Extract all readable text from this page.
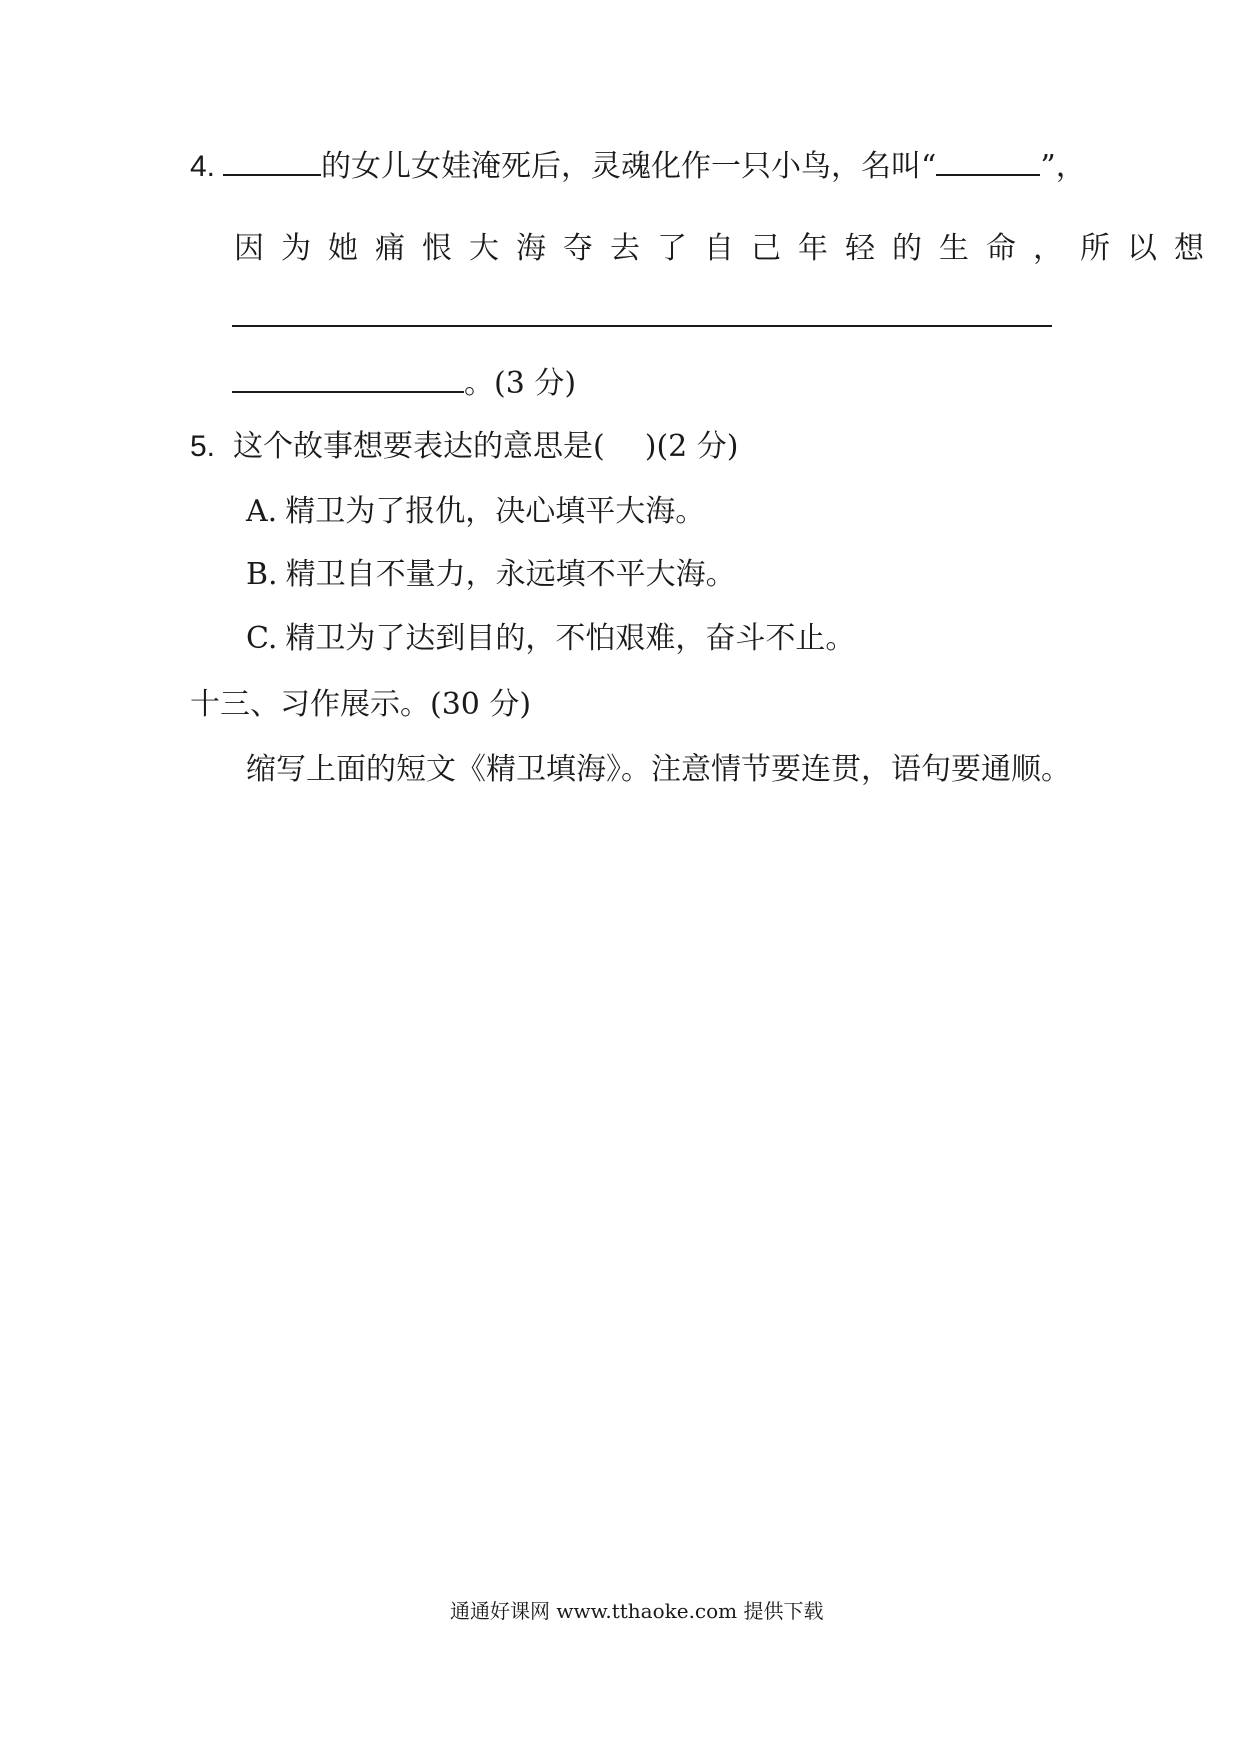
4.	的女儿女娃淹死后，灵魂化作一只小鸟，名叫“	”，
因为她痛恨大海夺去了自己年轻的生命，所以想
。(3 分)
5. 这个故事想要表达的意思是( )(2 分)
A. 精卫为了报仇，决心填平大海。
B. 精卫自不量力，永远填不平大海。
C. 精卫为了达到目的，不怕艰难，奋斗不止。
十三、习作展示。(30 分)
缩写上面的短文《精卫填海》。注意情节要连贯，语句要通顺。
通通好课网 www.tthaoke.com 提供下载
